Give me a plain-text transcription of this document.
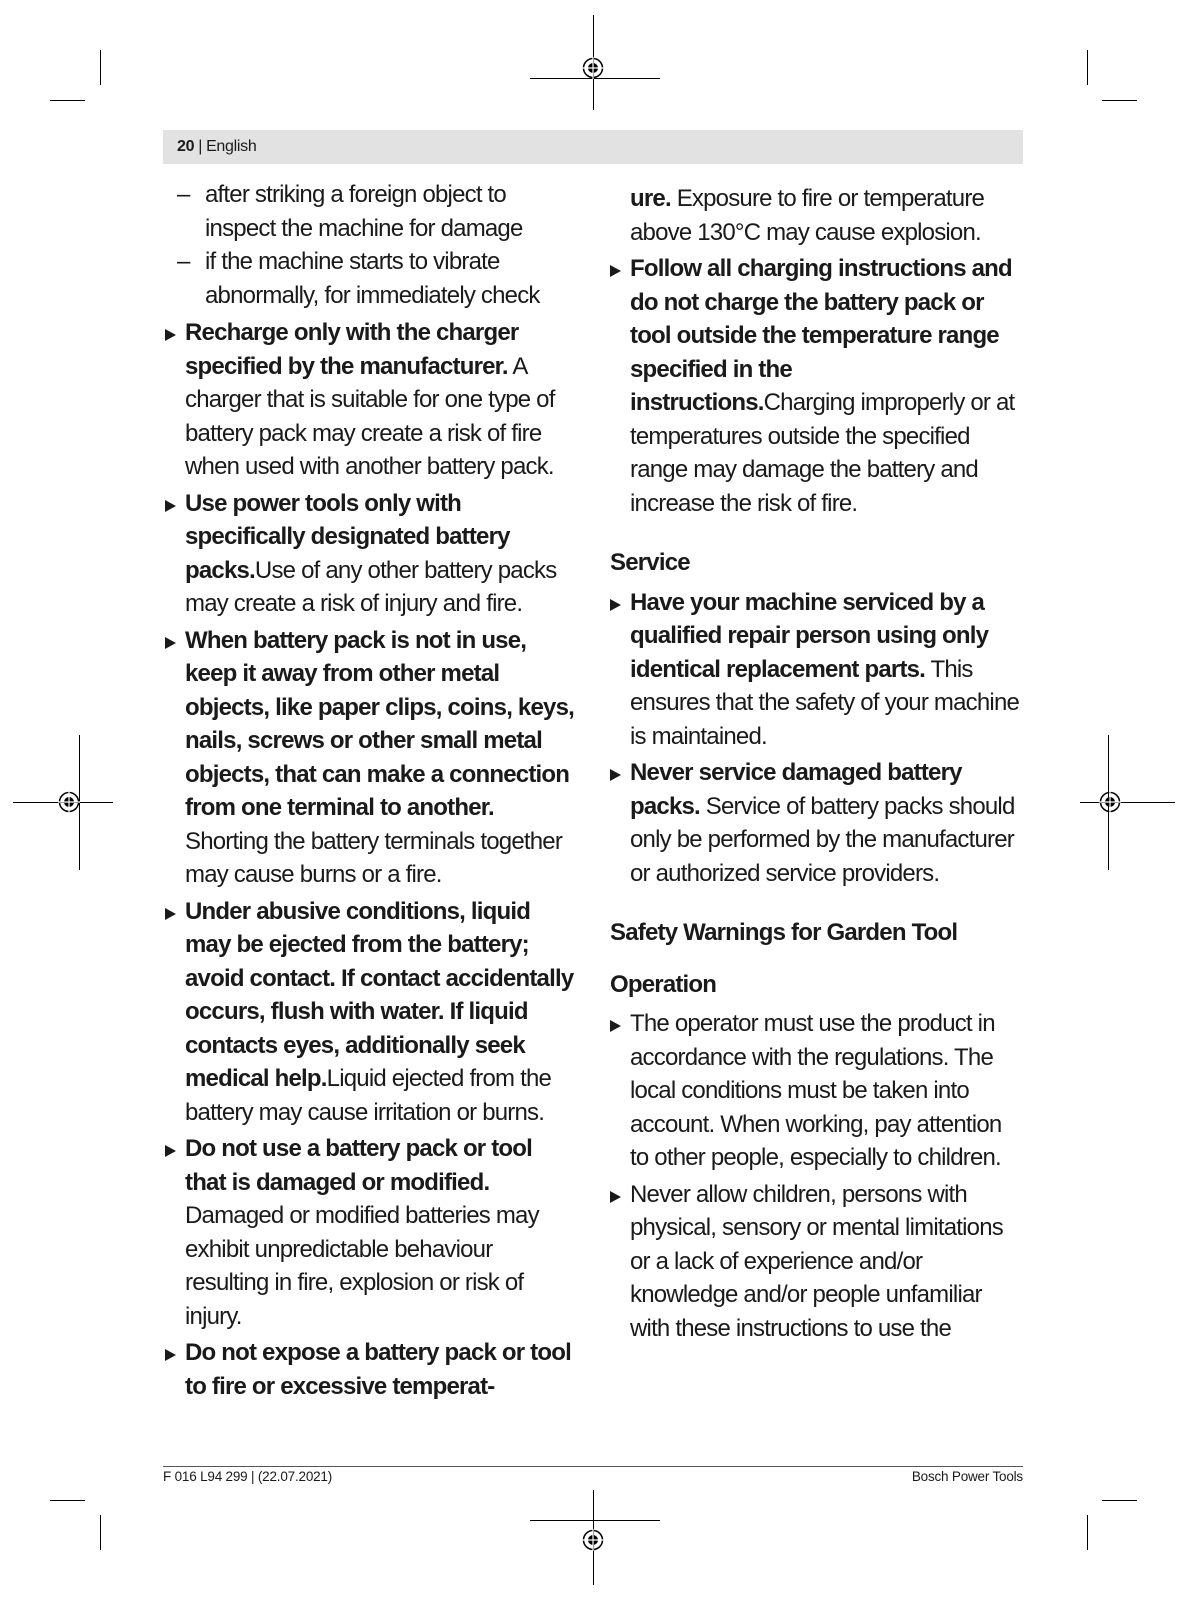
20 | English
– after striking a foreign object to inspect the machine for damage
– if the machine starts to vibrate abnormally, for immediately check
Recharge only with the charger specified by the manufacturer. A charger that is suitable for one type of battery pack may create a risk of fire when used with another battery pack.
Use power tools only with specifically designated battery packs.Use of any other battery packs may create a risk of injury and fire.
When battery pack is not in use, keep it away from other metal objects, like paper clips, coins, keys, nails, screws or other small metal objects, that can make a connection from one terminal to another. Shorting the battery terminals together may cause burns or a fire.
Under abusive conditions, liquid may be ejected from the battery; avoid contact. If contact accidentally occurs, flush with water. If liquid contacts eyes, additionally seek medical help.Liquid ejected from the battery may cause irritation or burns.
Do not use a battery pack or tool that is damaged or modified. Damaged or modified batteries may exhibit unpredictable behaviour resulting in fire, explosion or risk of injury.
Do not expose a battery pack or tool to fire or excessive temperat-
ure. Exposure to fire or temperature above 130°C may cause explosion.
Follow all charging instructions and do not charge the battery pack or tool outside the temperature range specified in the instructions.Charging improperly or at temperatures outside the specified range may damage the battery and increase the risk of fire.
Service
Have your machine serviced by a qualified repair person using only identical replacement parts. This ensures that the safety of your machine is maintained.
Never service damaged battery packs. Service of battery packs should only be performed by the manufacturer or authorized service providers.
Safety Warnings for Garden Tool
Operation
The operator must use the product in accordance with the regulations. The local conditions must be taken into account. When working, pay attention to other people, especially to children.
Never allow children, persons with physical, sensory or mental limitations or a lack of experience and/or knowledge and/or people unfamiliar with these instructions to use the
F 016 L94 299 | (22.07.2021)	Bosch Power Tools
